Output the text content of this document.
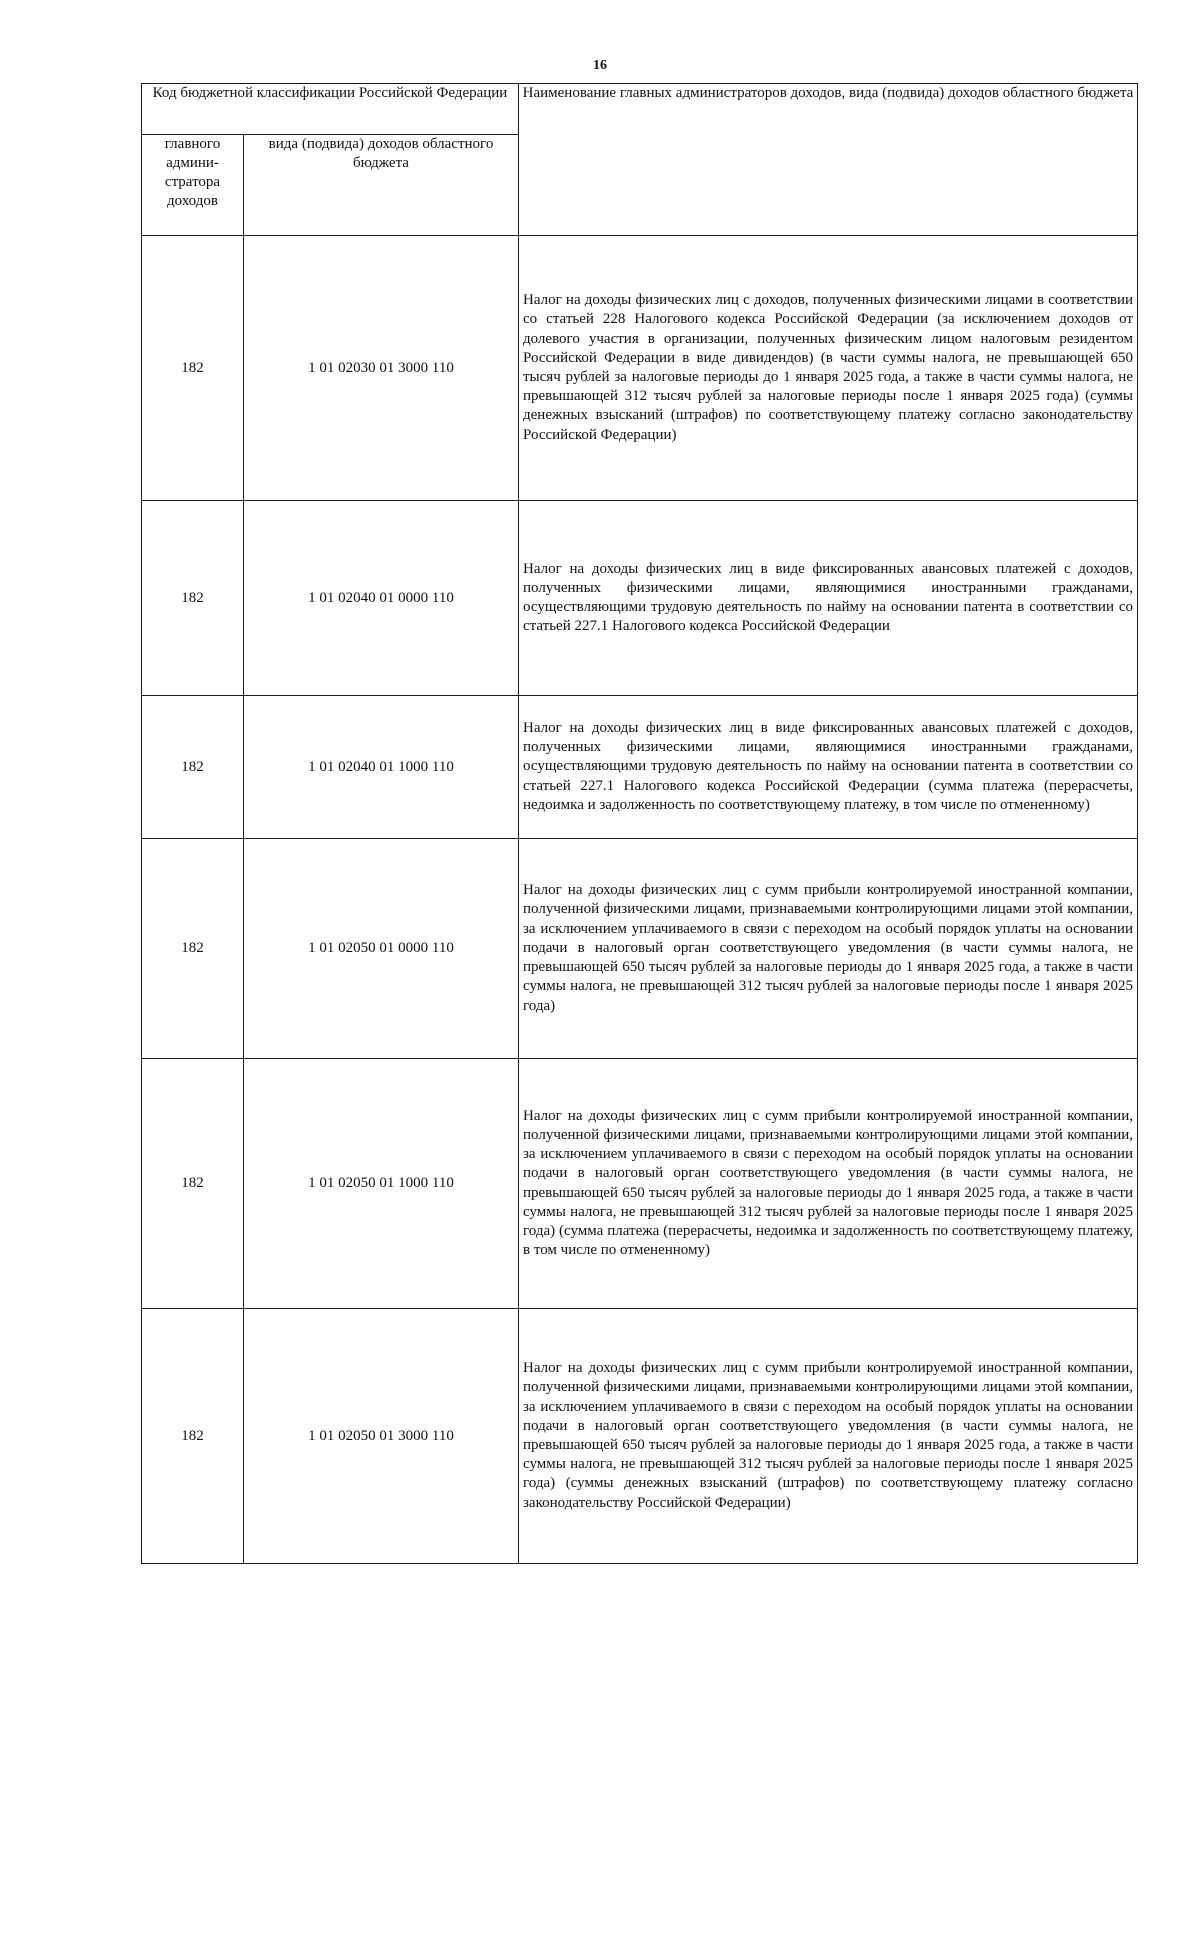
16
Код бюджетной классификации Российской Федерации		Наименование главных администраторов доходов, вида (подвида) доходов областного бюджета
главного админи-стратора доходов	вида (подвида) доходов областного бюджета	
182	1 01 02030 01 3000 110	Налог на доходы физических лиц с доходов, полученных физическими лицами в соответствии со статьей 228 Налогового кодекса Российской Федерации (за исключением доходов от долевого участия в организации, полученных физическим лицом налоговым резидентом Российской Федерации в виде дивидендов) (в части суммы налога, не превышающей 650 тысяч рублей за налоговые периоды до 1 января 2025 года, а также в части суммы налога, не превышающей 312 тысяч рублей за налоговые периоды после 1 января 2025 года) (суммы денежных взысканий (штрафов) по соответствующему платежу согласно законодательству Российской Федерации)
182	1 01 02040 01 0000 110	Налог на доходы физических лиц в виде фиксированных авансовых платежей с доходов, полученных физическими лицами, являющимися иностранными гражданами, осуществляющими трудовую деятельность по найму на основании патента в соответствии со статьей 227.1 Налогового кодекса Российской Федерации
182	1 01 02040 01 1000 110	Налог на доходы физических лиц в виде фиксированных авансовых платежей с доходов, полученных физическими лицами, являющимися иностранными гражданами, осуществляющими трудовую деятельность по найму на основании патента в соответствии со статьей 227.1 Налогового кодекса Российской Федерации (сумма платежа (перерасчеты, недоимка и задолженность по соответствующему платежу, в том числе по отмененному)
182	1 01 02050 01 0000 110	Налог на доходы физических лиц с сумм прибыли контролируемой иностранной компании, полученной физическими лицами, признаваемыми контролирующими лицами этой компании, за исключением уплачиваемого в связи с переходом на особый порядок уплаты на основании подачи в налоговый орган соответствующего уведомления (в части суммы налога, не превышающей 650 тысяч рублей за налоговые периоды до 1 января 2025 года, а также в части суммы налога, не превышающей 312 тысяч рублей за налоговые периоды после 1 января 2025 года)
182	1 01 02050 01 1000 110	Налог на доходы физических лиц с сумм прибыли контролируемой иностранной компании, полученной физическими лицами, признаваемыми контролирующими лицами этой компании, за исключением уплачиваемого в связи с переходом на особый порядок уплаты на основании подачи в налоговый орган соответствующего уведомления (в части суммы налога, не превышающей 650 тысяч рублей за налоговые периоды до 1 января 2025 года, а также в части суммы налога, не превышающей 312 тысяч рублей за налоговые периоды после 1 января 2025 года) (сумма платежа (перерасчеты, недоимка и задолженность по соответствующему платежу, в том числе по отмененному)
182	1 01 02050 01 3000 110	Налог на доходы физических лиц с сумм прибыли контролируемой иностранной компании, полученной физическими лицами, признаваемыми контролирующими лицами этой компании, за исключением уплачиваемого в связи с переходом на особый порядок уплаты на основании подачи в налоговый орган соответствующего уведомления (в части суммы налога, не превышающей 650 тысяч рублей за налоговые периоды до 1 января 2025 года, а также в части суммы налога, не превышающей 312 тысяч рублей за налоговые периоды после 1 января 2025 года) (суммы денежных взысканий (штрафов) по соответствующему платежу согласно законодательству Российской Федерации)
